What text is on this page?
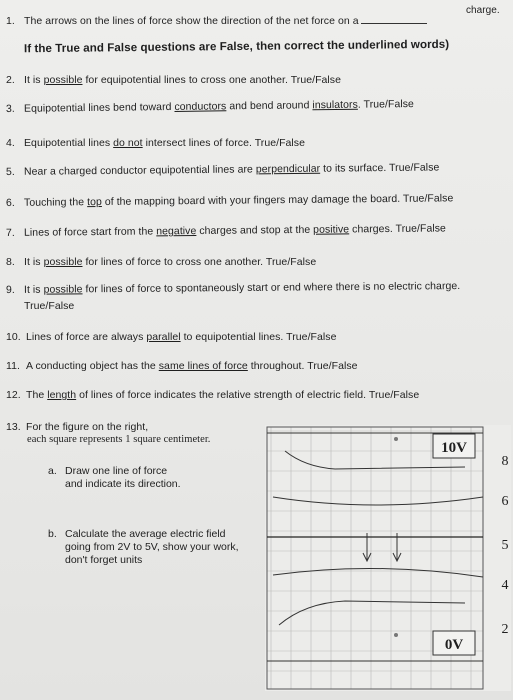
1. The arrows on the lines of force show the direction of the net force on a
charge.
If the True and False questions are False, then correct the underlined words)
2. It is possible for equipotential lines to cross one another. True/False
3. Equipotential lines bend toward conductors and bend around insulators. True/False
4. Equipotential lines do not intersect lines of force. True/False
5. Near a charged conductor equipotential lines are perpendicular to its surface. True/False
6. Touching the top of the mapping board with your fingers may damage the board. True/False
7. Lines of force start from the negative charges and stop at the positive charges. True/False
8. It is possible for lines of force to cross one another. True/False
9. It is possible for lines of force to spontaneously start or end where there is no electric charge.
True/False
10. Lines of force are always parallel to equipotential lines. True/False
11. A conducting object has the same lines of force throughout. True/False
12. The length of lines of force indicates the relative strength of electric field. True/False
13. For the figure on the right,
each square represents 1 square centimeter.
a. Draw one line of force
and indicate its direction.
b. Calculate the average electric field
going from 2V to 5V, show your work,
don't forget units
10V
0V
8
6
5
4
2
